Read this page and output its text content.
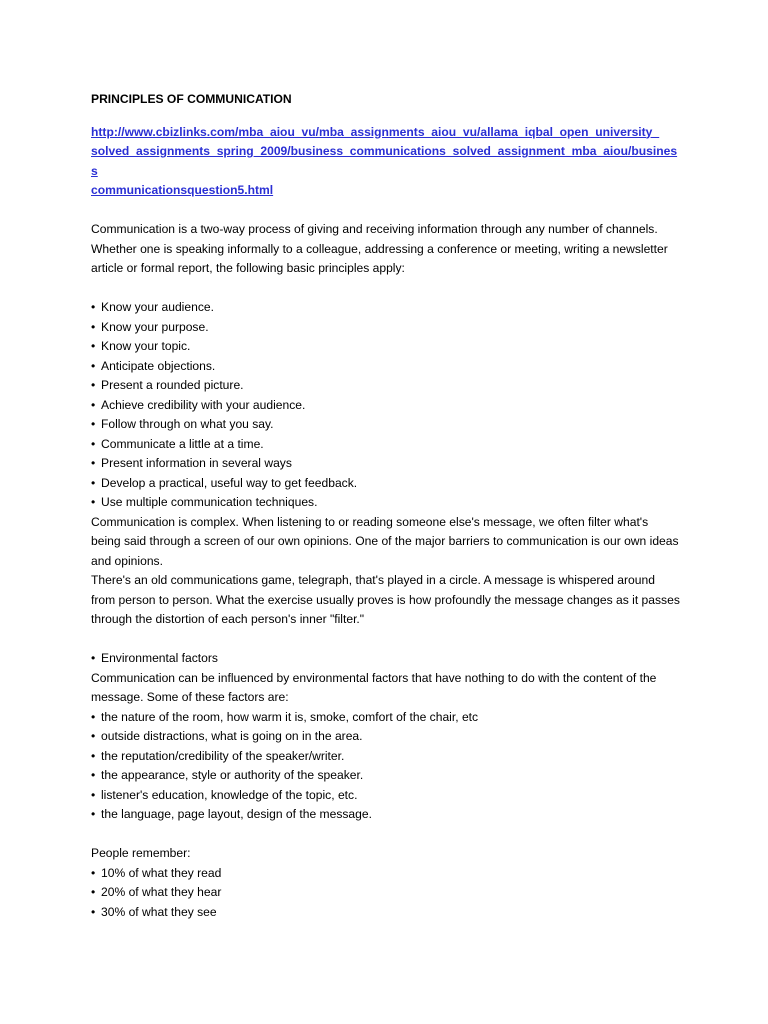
PRINCIPLES OF COMMUNICATION

http://www.cbizlinks.com/mba_aiou_vu/mba_assignments_aiou_vu/allama_iqbal_open_university_
solved_assignments_spring_2009/business_communications_solved_assignment_mba_aiou/business
communicationsquestion5.html

Communication is a two-way process of giving and receiving information through any number of channels. Whether one is speaking informally to a colleague, addressing a conference or meeting, writing a newsletter article or formal report, the following basic principles apply:

• Know your audience.
• Know your purpose.
• Know your topic.
• Anticipate objections.
• Present a rounded picture.
• Achieve credibility with your audience.
• Follow through on what you say.
• Communicate a little at a time.
• Present information in several ways
• Develop a practical, useful way to get feedback.
• Use multiple communication techniques.

Communication is complex. When listening to or reading someone else's message, we often filter what's being said through a screen of our own opinions. One of the major barriers to communication is our own ideas and opinions.

There's an old communications game, telegraph, that's played in a circle. A message is whispered around from person to person. What the exercise usually proves is how profoundly the message changes as it passes through the distortion of each person's inner "filter."

• Environmental factors

Communication can be influenced by environmental factors that have nothing to do with the content of the message. Some of these factors are:

• the nature of the room, how warm it is, smoke, comfort of the chair, etc
• outside distractions, what is going on in the area.
• the reputation/credibility of the speaker/writer.
• the appearance, style or authority of the speaker.
• listener's education, knowledge of the topic, etc.
• the language, page layout, design of the message.

People remember:

• 10% of what they read
• 20% of what they hear
• 30% of what they see
